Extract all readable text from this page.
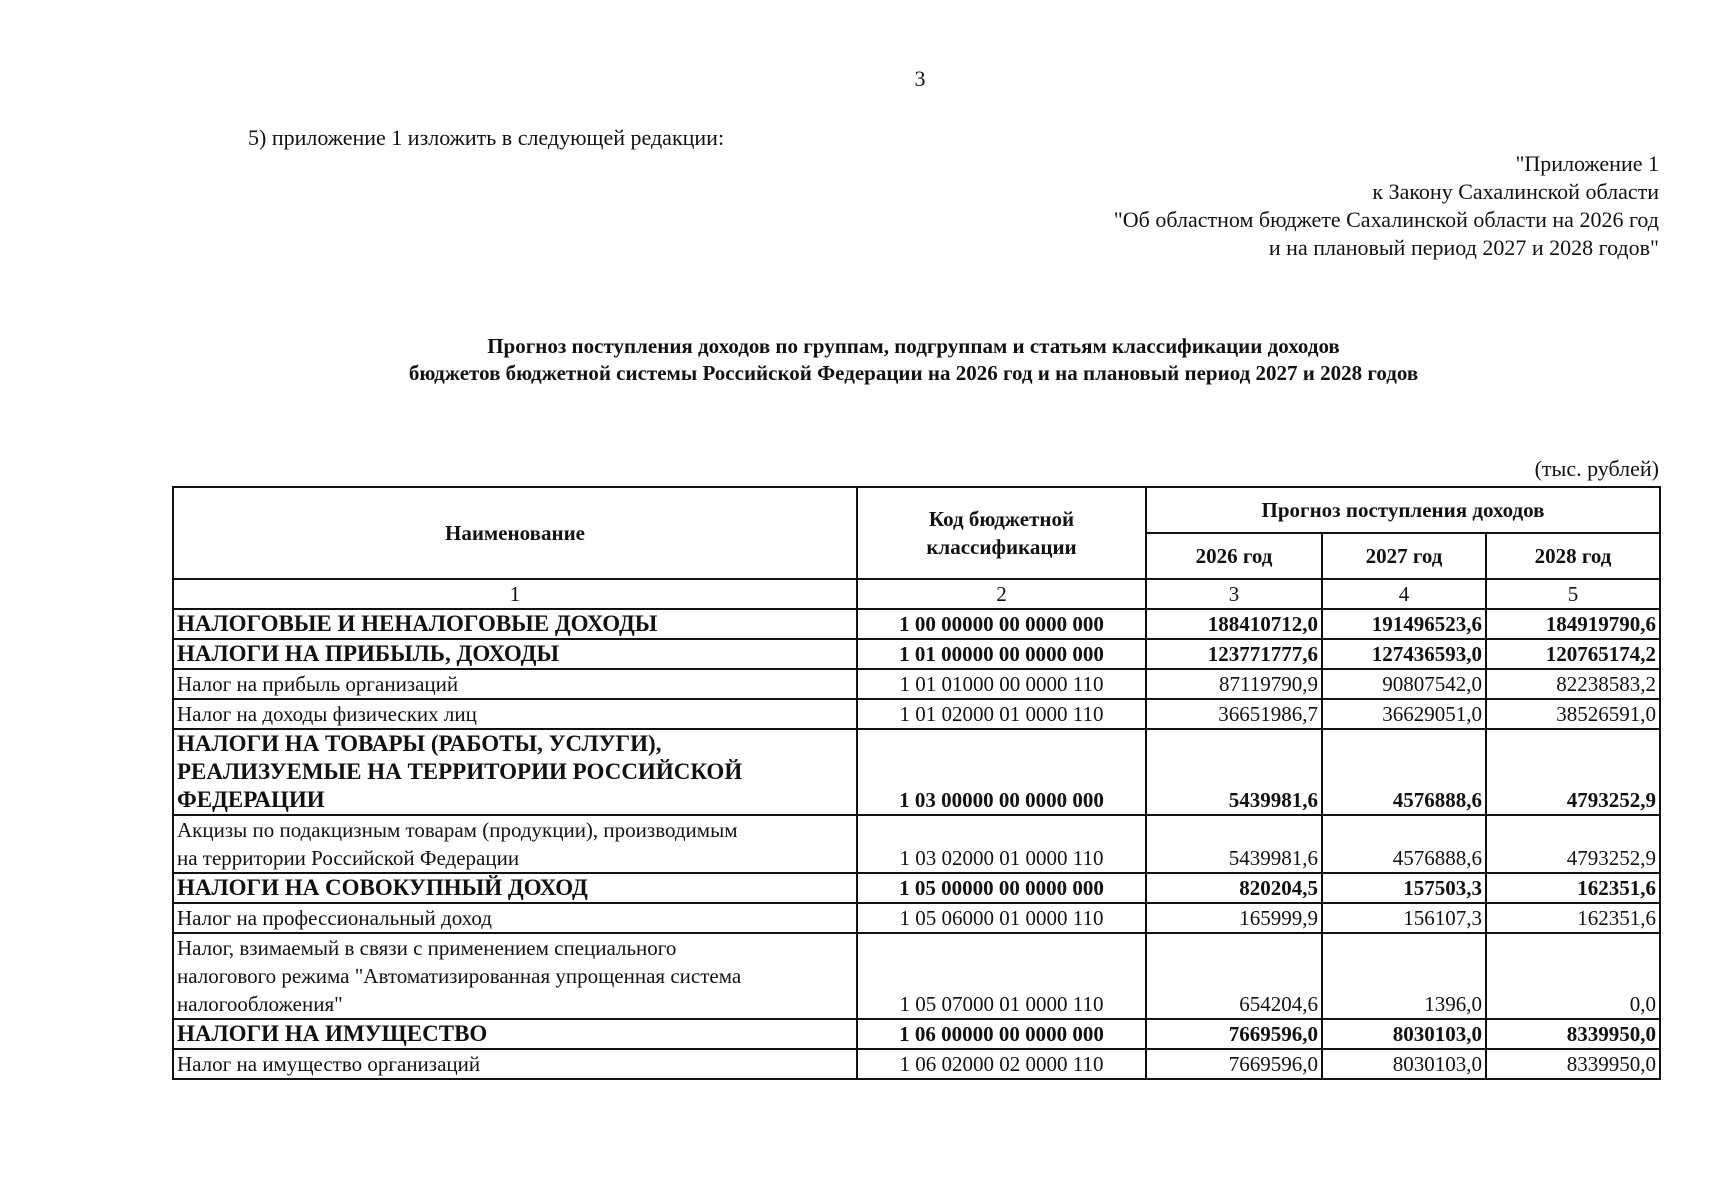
3
5) приложение 1 изложить в следующей редакции:
"Приложение 1
к Закону Сахалинской области
"Об областном бюджете Сахалинской области на 2026 год
и на плановый период 2027 и 2028 годов"
Прогноз поступления доходов по группам, подгруппам и статьям классификации доходов
бюджетов бюджетной системы Российской Федерации на 2026 год и на плановый период 2027 и 2028 годов
(тыс. рублей)
Наименование	Код бюджетной классификации	Прогноз поступления доходов		
		2026 год	2027 год	2028 год
1	2	3	4	5
НАЛОГОВЫЕ И НЕНАЛОГОВЫЕ ДОХОДЫ	1 00 00000 00 0000 000	188410712,0	191496523,6	184919790,6
НАЛОГИ НА ПРИБЫЛЬ, ДОХОДЫ	1 01 00000 00 0000 000	123771777,6	127436593,0	120765174,2
Налог на прибыль организаций	1 01 01000 00 0000 110	87119790,9	90807542,0	82238583,2
Налог на доходы физических лиц	1 01 02000 01 0000 110	36651986,7	36629051,0	38526591,0

НАЛОГИ НА ТОВАРЫ (РАБОТЫ, УСЛУГИ),
РЕАЛИЗУЕМЫЕ НА ТЕРРИТОРИИ РОССИЙСКОЙ
ФЕДЕРАЦИИ	1 03 00000 00 0000 000	5439981,6	4576888,6	4793252,9

Акцизы по подакцизным товарам (продукции), производимым
на территории Российской Федерации	1 03 02000 01 0000 110	5439981,6	4576888,6	4793252,9
НАЛОГИ НА СОВОКУПНЫЙ ДОХОД	1 05 00000 00 0000 000	820204,5	157503,3	162351,6
Налог на профессиональный доход	1 05 06000 01 0000 110	165999,9	156107,3	162351,6

Налог, взимаемый в связи с применением специального
налогового режима "Автоматизированная упрощенная система
налогообложения"	1 05 07000 01 0000 110	654204,6	1396,0	0,0
НАЛОГИ НА ИМУЩЕСТВО	1 06 00000 00 0000 000	7669596,0	8030103,0	8339950,0
Налог на имущество организаций	1 06 02000 02 0000 110	7669596,0	8030103,0	8339950,0
